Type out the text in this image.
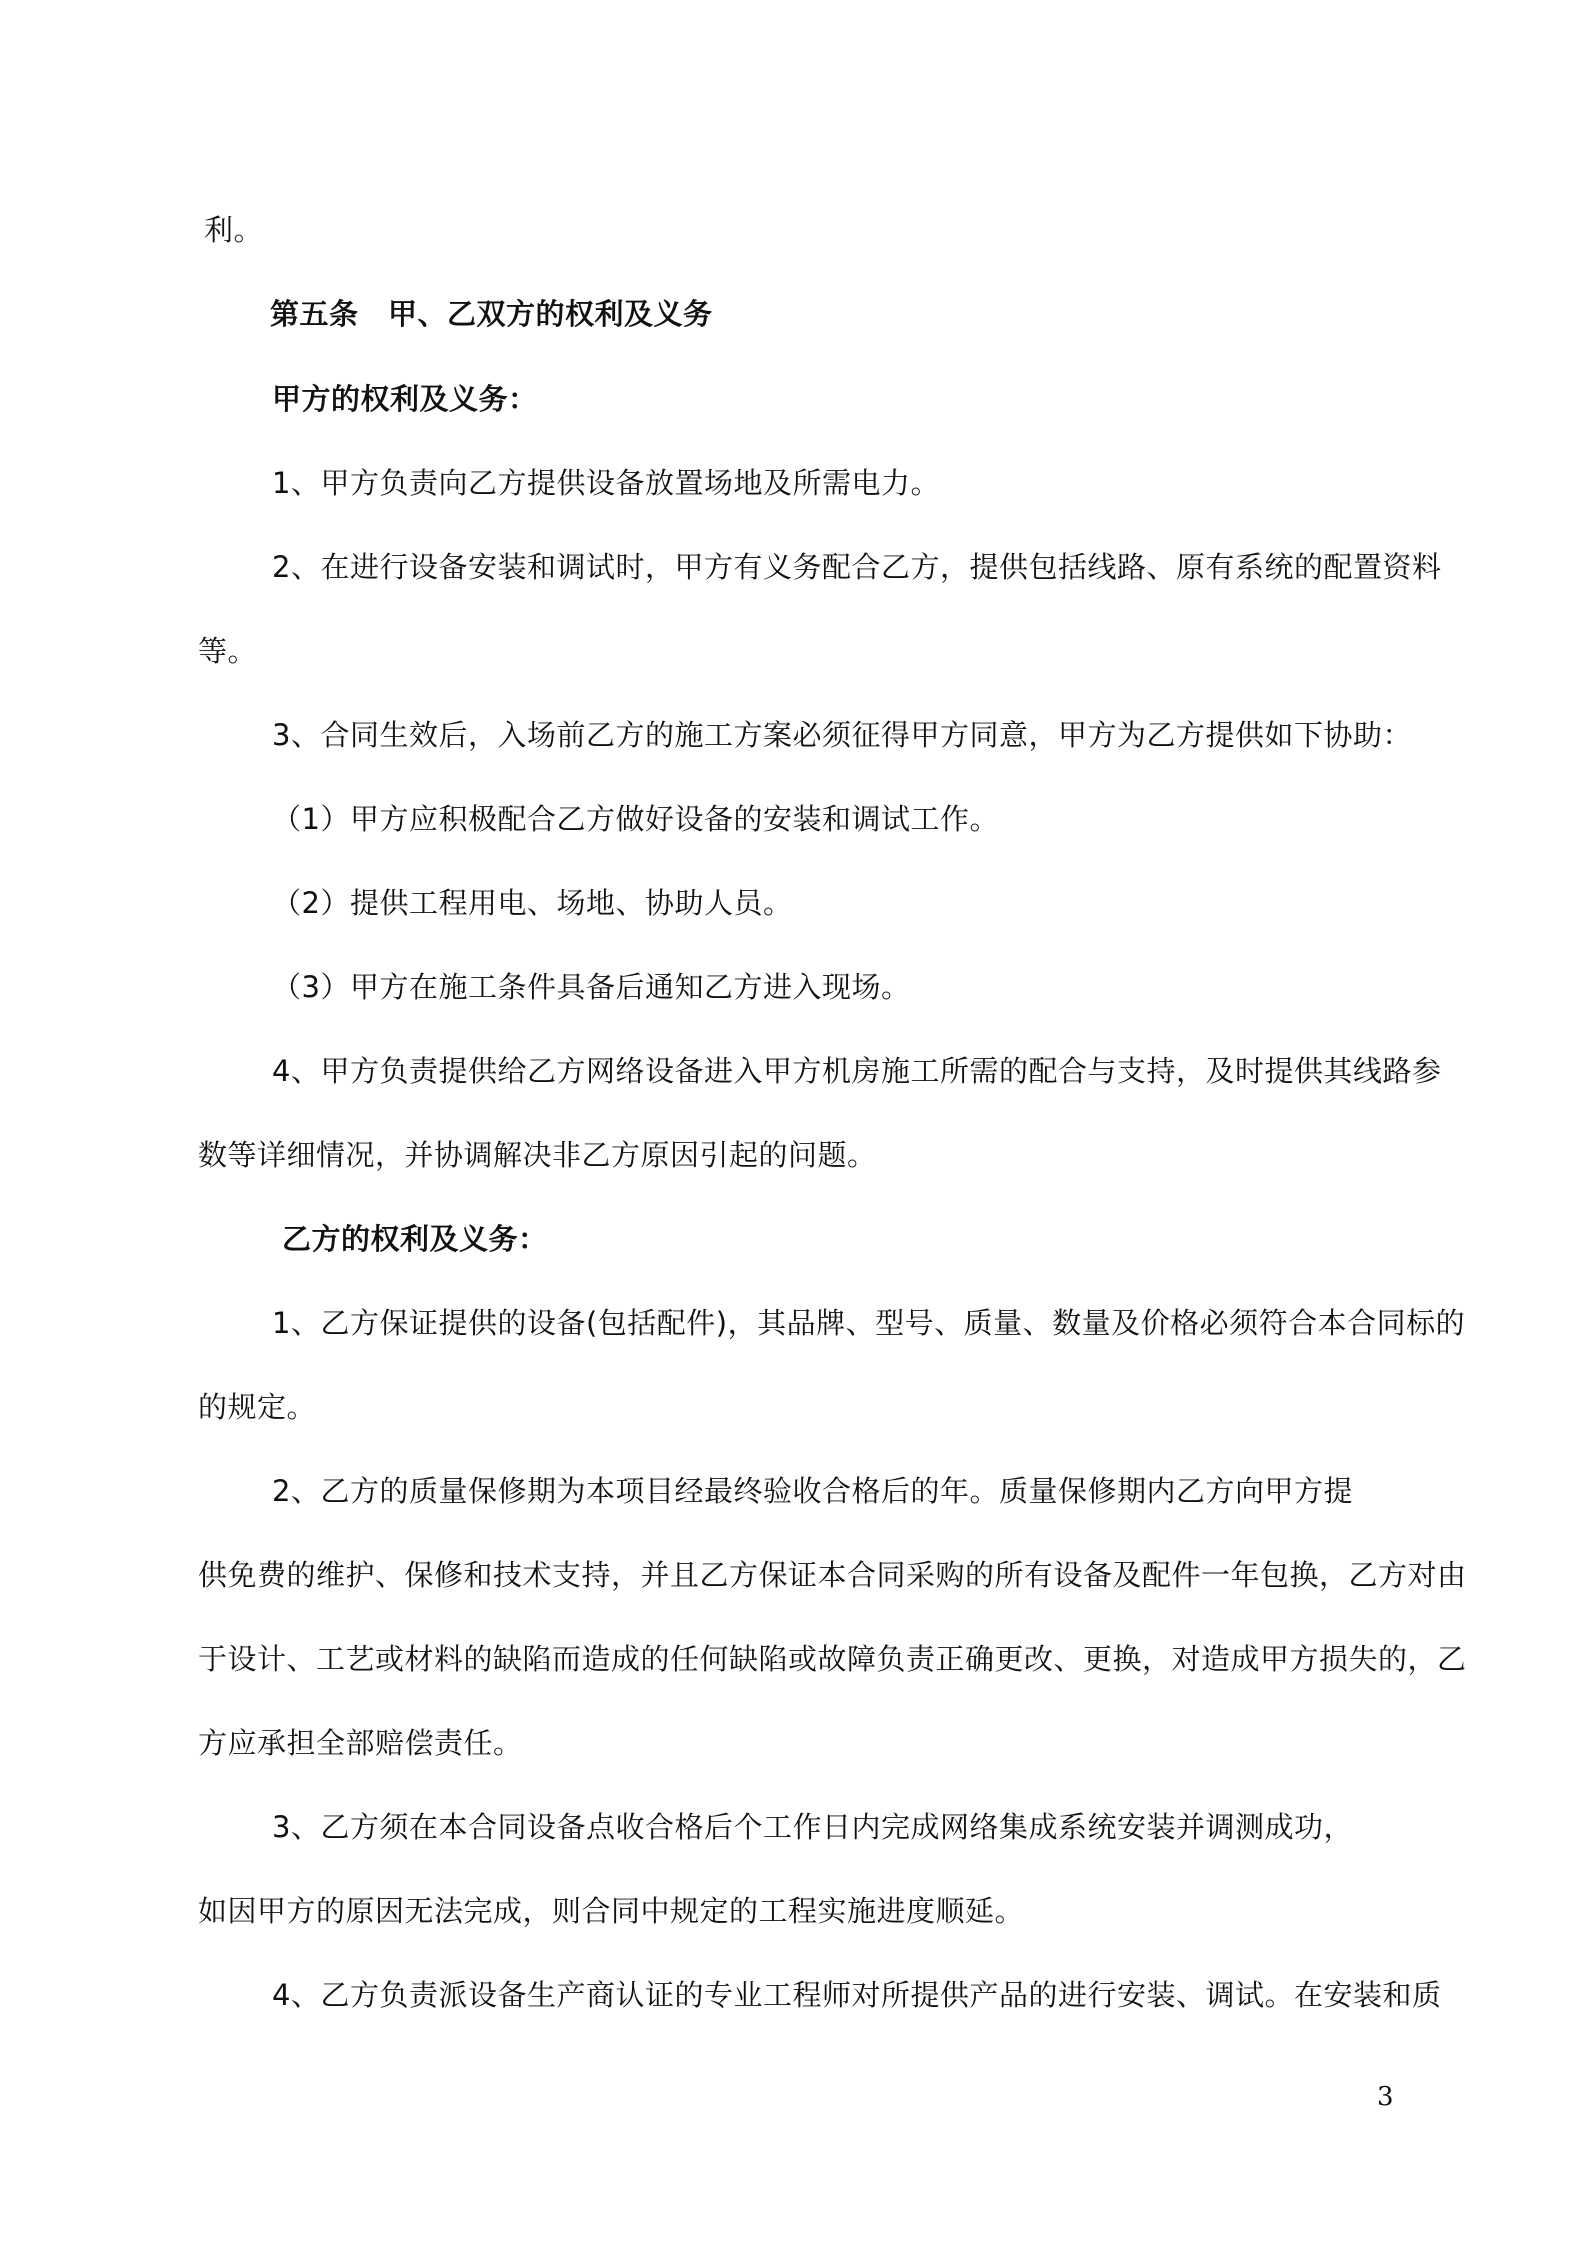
利。
第五条　甲、乙双方的权利及义务
甲方的权利及义务：
1、甲方负责向乙方提供设备放置场地及所需电力。
2、在进行设备安装和调试时，甲方有义务配合乙方，提供包括线路、原有系统的配置资料
等。
3、合同生效后，入场前乙方的施工方案必须征得甲方同意，甲方为乙方提供如下协助：
（1）甲方应积极配合乙方做好设备的安装和调试工作。
（2）提供工程用电、场地、协助人员。
（3）甲方在施工条件具备后通知乙方进入现场。
4、甲方负责提供给乙方网络设备进入甲方机房施工所需的配合与支持，及时提供其线路参
数等详细情况，并协调解决非乙方原因引起的问题。
乙方的权利及义务：
1、乙方保证提供的设备(包括配件)，其品牌、型号、质量、数量及价格必须符合本合同标的
的规定。
2、乙方的质量保修期为本项目经最终验收合格后的年。质量保修期内乙方向甲方提
供免费的维护、保修和技术支持，并且乙方保证本合同采购的所有设备及配件一年包换，乙方对由
于设计、工艺或材料的缺陷而造成的任何缺陷或故障负责正确更改、更换，对造成甲方损失的，乙
方应承担全部赔偿责任。
3、乙方须在本合同设备点收合格后个工作日内完成网络集成系统安装并调测成功，
如因甲方的原因无法完成，则合同中规定的工程实施进度顺延。
4、乙方负责派设备生产商认证的专业工程师对所提供产品的进行安装、调试。在安装和质
3
